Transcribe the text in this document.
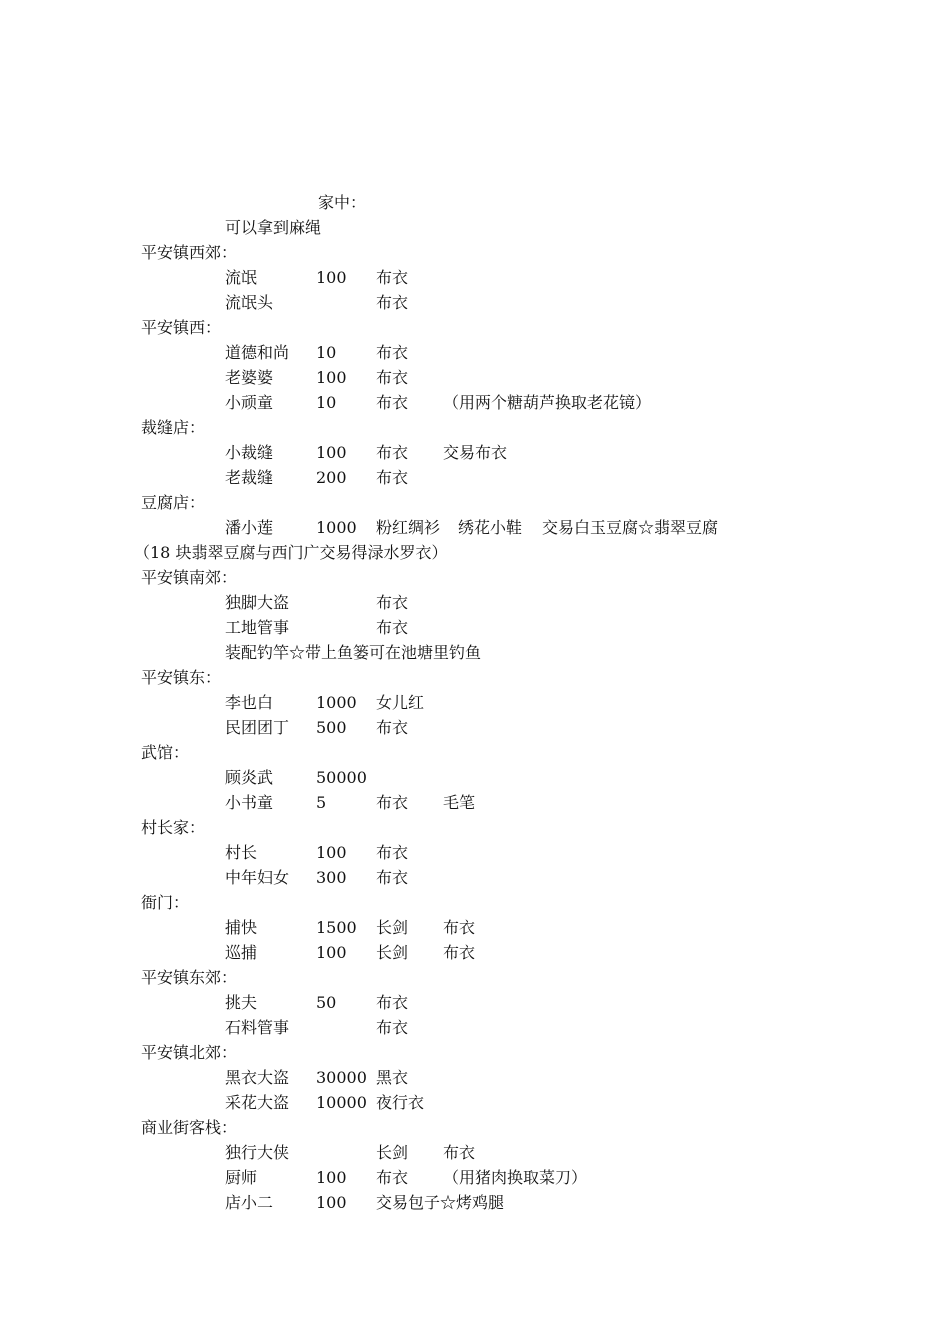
家中：
可以拿到麻绳
平安镇西郊：
流氓	100 布衣
流氓头	布衣
平安镇西：
道德和尚 10 布衣
老婆婆	100 布衣
小顽童	10 布衣 （用两个糖葫芦换取老花镜）
裁缝店：
小裁缝	100 布衣 交易布衣
老裁缝	200 布衣
豆腐店：
潘小莲	1000 粉红绸衫 绣花小鞋 交易白玉豆腐☆翡翠豆腐
（18 块翡翠豆腐与西门广交易得渌水罗衣）
平安镇南郊：
独脚大盗	布衣
工地管事	布衣
装配钓竿☆带上鱼篓可在池塘里钓鱼
平安镇东：
李也白	1000 女儿红
民团团丁 500 布衣
武馆：
顾炎武	50000
小书童	5	布衣 毛笔
村长家：
村长	100 布衣
中年妇女 300 布衣
衙门：
捕快	1500 长剑 布衣
巡捕	100 长剑 布衣
平安镇东郊：
挑夫	50 布衣
石料管事	布衣
平安镇北郊：
黑衣大盗 30000 黑衣
采花大盗 10000 夜行衣
商业街客栈：
独行大侠	长剑 布衣
厨师	100 布衣 （用猪肉换取菜刀）
店小二	100 交易包子☆烤鸡腿
